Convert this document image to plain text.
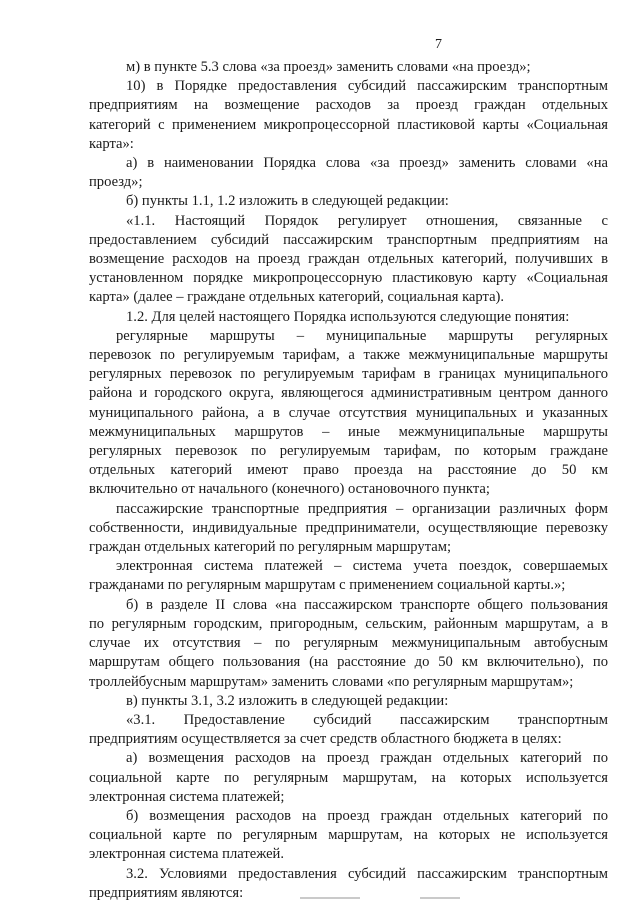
7
м) в пункте 5.3 слова «за проезд» заменить словами «на проезд»;
10) в Порядке предоставления субсидий пассажирским транспортным
предприятиям на возмещение расходов за проезд граждан отдельных
категорий с применением микропроцессорной пластиковой карты «Социальная
карта»:
а) в наименовании Порядка слова «за проезд» заменить словами «на
проезд»;
б) пункты 1.1, 1.2 изложить в следующей редакции:
«1.1. Настоящий Порядок регулирует отношения, связанные с
предоставлением субсидий пассажирским транспортным предприятиям на
возмещение расходов на проезд граждан отдельных категорий, получивших в
установленном порядке микропроцессорную пластиковую карту «Социальная
карта» (далее – граждане отдельных категорий, социальная карта).
1.2. Для целей настоящего Порядка используются следующие понятия:
регулярные маршруты – муниципальные маршруты регулярных
перевозок по регулируемым тарифам, а также межмуниципальные маршруты
регулярных перевозок по регулируемым тарифам в границах муниципального
района и городского округа, являющегося административным центром данного
муниципального района, а в случае отсутствия муниципальных и указанных
межмуниципальных маршрутов – иные межмуниципальные маршруты
регулярных перевозок по регулируемым тарифам, по которым граждане
отдельных категорий имеют право проезда на расстояние до 50 км
включительно от начального (конечного) остановочного пункта;
пассажирские транспортные предприятия – организации различных форм
собственности, индивидуальные предприниматели, осуществляющие перевозку
граждан отдельных категорий по регулярным маршрутам;
электронная система платежей – система учета поездок, совершаемых
гражданами по регулярным маршрутам с применением социальной карты.»;
б) в разделе II слова «на пассажирском транспорте общего пользования
по регулярным городским, пригородным, сельским, районным маршрутам, а в
случае их отсутствия – по регулярным межмуниципальным автобусным
маршрутам общего пользования (на расстояние до 50 км включительно), по
троллейбусным маршрутам» заменить словами «по регулярным маршрутам»;
в) пункты 3.1, 3.2 изложить в следующей редакции:
«3.1. Предоставление субсидий пассажирским транспортным
предприятиям осуществляется за счет средств областного бюджета в целях:
а) возмещения расходов на проезд граждан отдельных категорий по
социальной карте по регулярным маршрутам, на которых используется
электронная система платежей;
б) возмещения расходов на проезд граждан отдельных категорий по
социальной карте по регулярным маршрутам, на которых не используется
электронная система платежей.
3.2. Условиями предоставления субсидий пассажирским транспортным
предприятиям являются:
